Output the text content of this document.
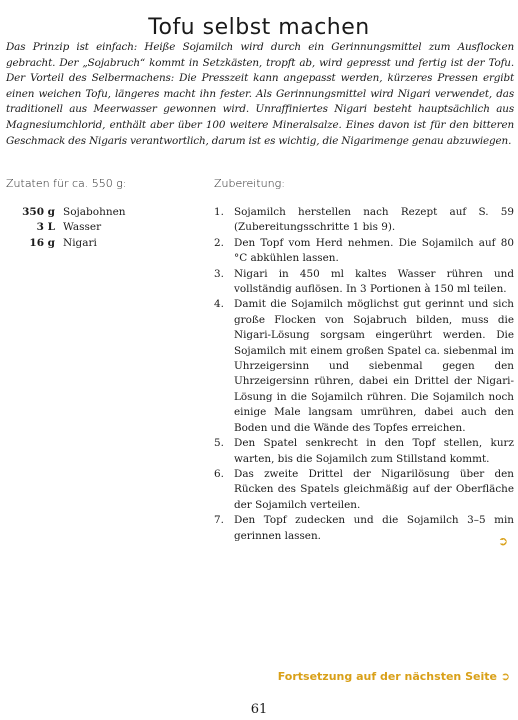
Tofu selbst machen

Das Prinzip ist einfach: Heiße Sojamilch wird durch ein Gerinnungsmittel zum Ausflocken gebracht. Der „Sojabruch“ kommt in Setzkästen, tropft ab, wird gepresst und fertig ist der Tofu. Der Vorteil des Selbermachens: Die Presszeit kann angepasst werden, kürzeres Pressen ergibt einen weichen Tofu, längeres macht ihn fester. Als Gerinnungsmittel wird Nigari verwendet, das traditionell aus Meerwasser gewonnen wird. Unraffiniertes Nigari besteht hauptsächlich aus Magnesiumchlorid, enthält aber über 100 weitere Mineralsalze. Eines davon ist für den bitteren Geschmack des Nigaris verantwortlich, darum ist es wichtig, die Nigarimenge genau abzuwiegen.

Zutaten für ca. 550 g:	Zubereitung:
350 g Sojabohnen
3 L Wasser
16 g Nigari
1. Sojamilch herstellen nach Rezept auf S. 59 (Zubereitungsschritte 1 bis 9).
2. Den Topf vom Herd nehmen. Die Sojamilch auf 80 °C abkühlen lassen.
3. Nigari in 450 ml kaltes Wasser rühren und vollständig auflösen. In 3 Portionen à 150 ml teilen.
4. Damit die Sojamilch möglichst gut gerinnt und sich große Flocken von Sojabruch bilden, muss die Nigari-Lösung sorgsam eingerührt werden. Die Sojamilch mit einem großen Spatel ca. siebenmal im Uhrzeigersinn und siebenmal gegen den Uhrzeigersinn rühren, dabei ein Drittel der Nigari-Lösung in die Sojamilch rühren. Die Sojamilch noch einige Male langsam umrühren, dabei auch den Boden und die Wände des Topfes erreichen.
5. Den Spatel senkrecht in den Topf stellen, kurz warten, bis die Sojamilch zum Stillstand kommt.
6. Das zweite Drittel der Nigarilösung über den Rücken des Spatels gleichmäßig auf der Oberfläche der Sojamilch verteilen.
7. Den Topf zudecken und die Sojamilch 3–5 min gerinnen lassen.	➲
Fortsetzung auf der nächsten Seite ➲
61
